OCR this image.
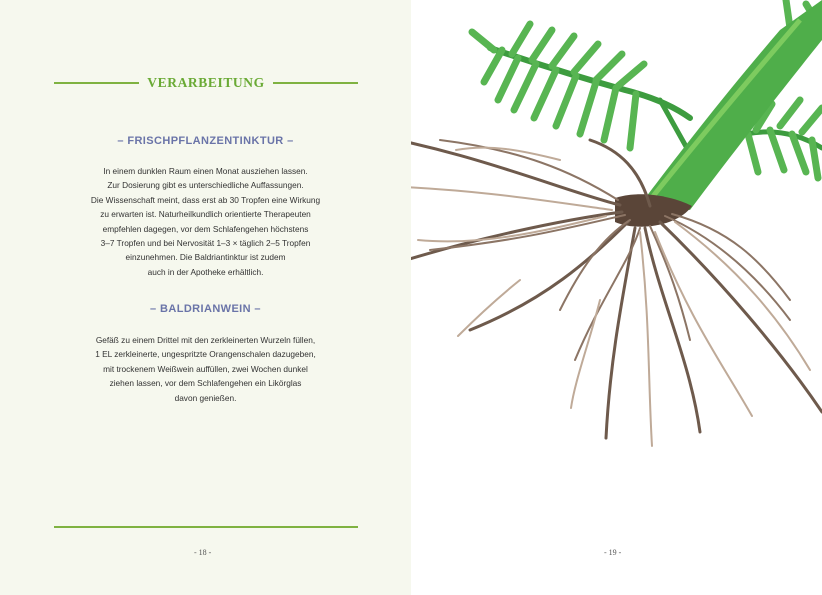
VERARBEITUNG
– FRISCHPFLANZENTINKTUR –
In einem dunklen Raum einen Monat ausziehen lassen.
Zur Dosierung gibt es unterschiedliche Auffassungen.
Die Wissenschaft meint, dass erst ab 30 Tropfen eine Wirkung
zu erwarten ist. Naturheilkundlich orientierte Therapeuten
empfehlen dagegen, vor dem Schlafengehen höchstens
3–7 Tropfen und bei Nervosität 1–3 × täglich 2–5 Tropfen
einzunehmen. Die Baldriantinktur ist zudem
auch in der Apotheke erhältlich.
– BALDRIANWEIN –
Gefäß zu einem Drittel mit den zerkleinerten Wurzeln füllen,
1 EL zerkleinerte, ungespritzte Orangenschalen dazugeben,
mit trockenem Weißwein auffüllen, zwei Wochen dunkel
ziehen lassen, vor dem Schlafengehen ein Likörglas
davon genießen.
- 18 -	- 19 -
